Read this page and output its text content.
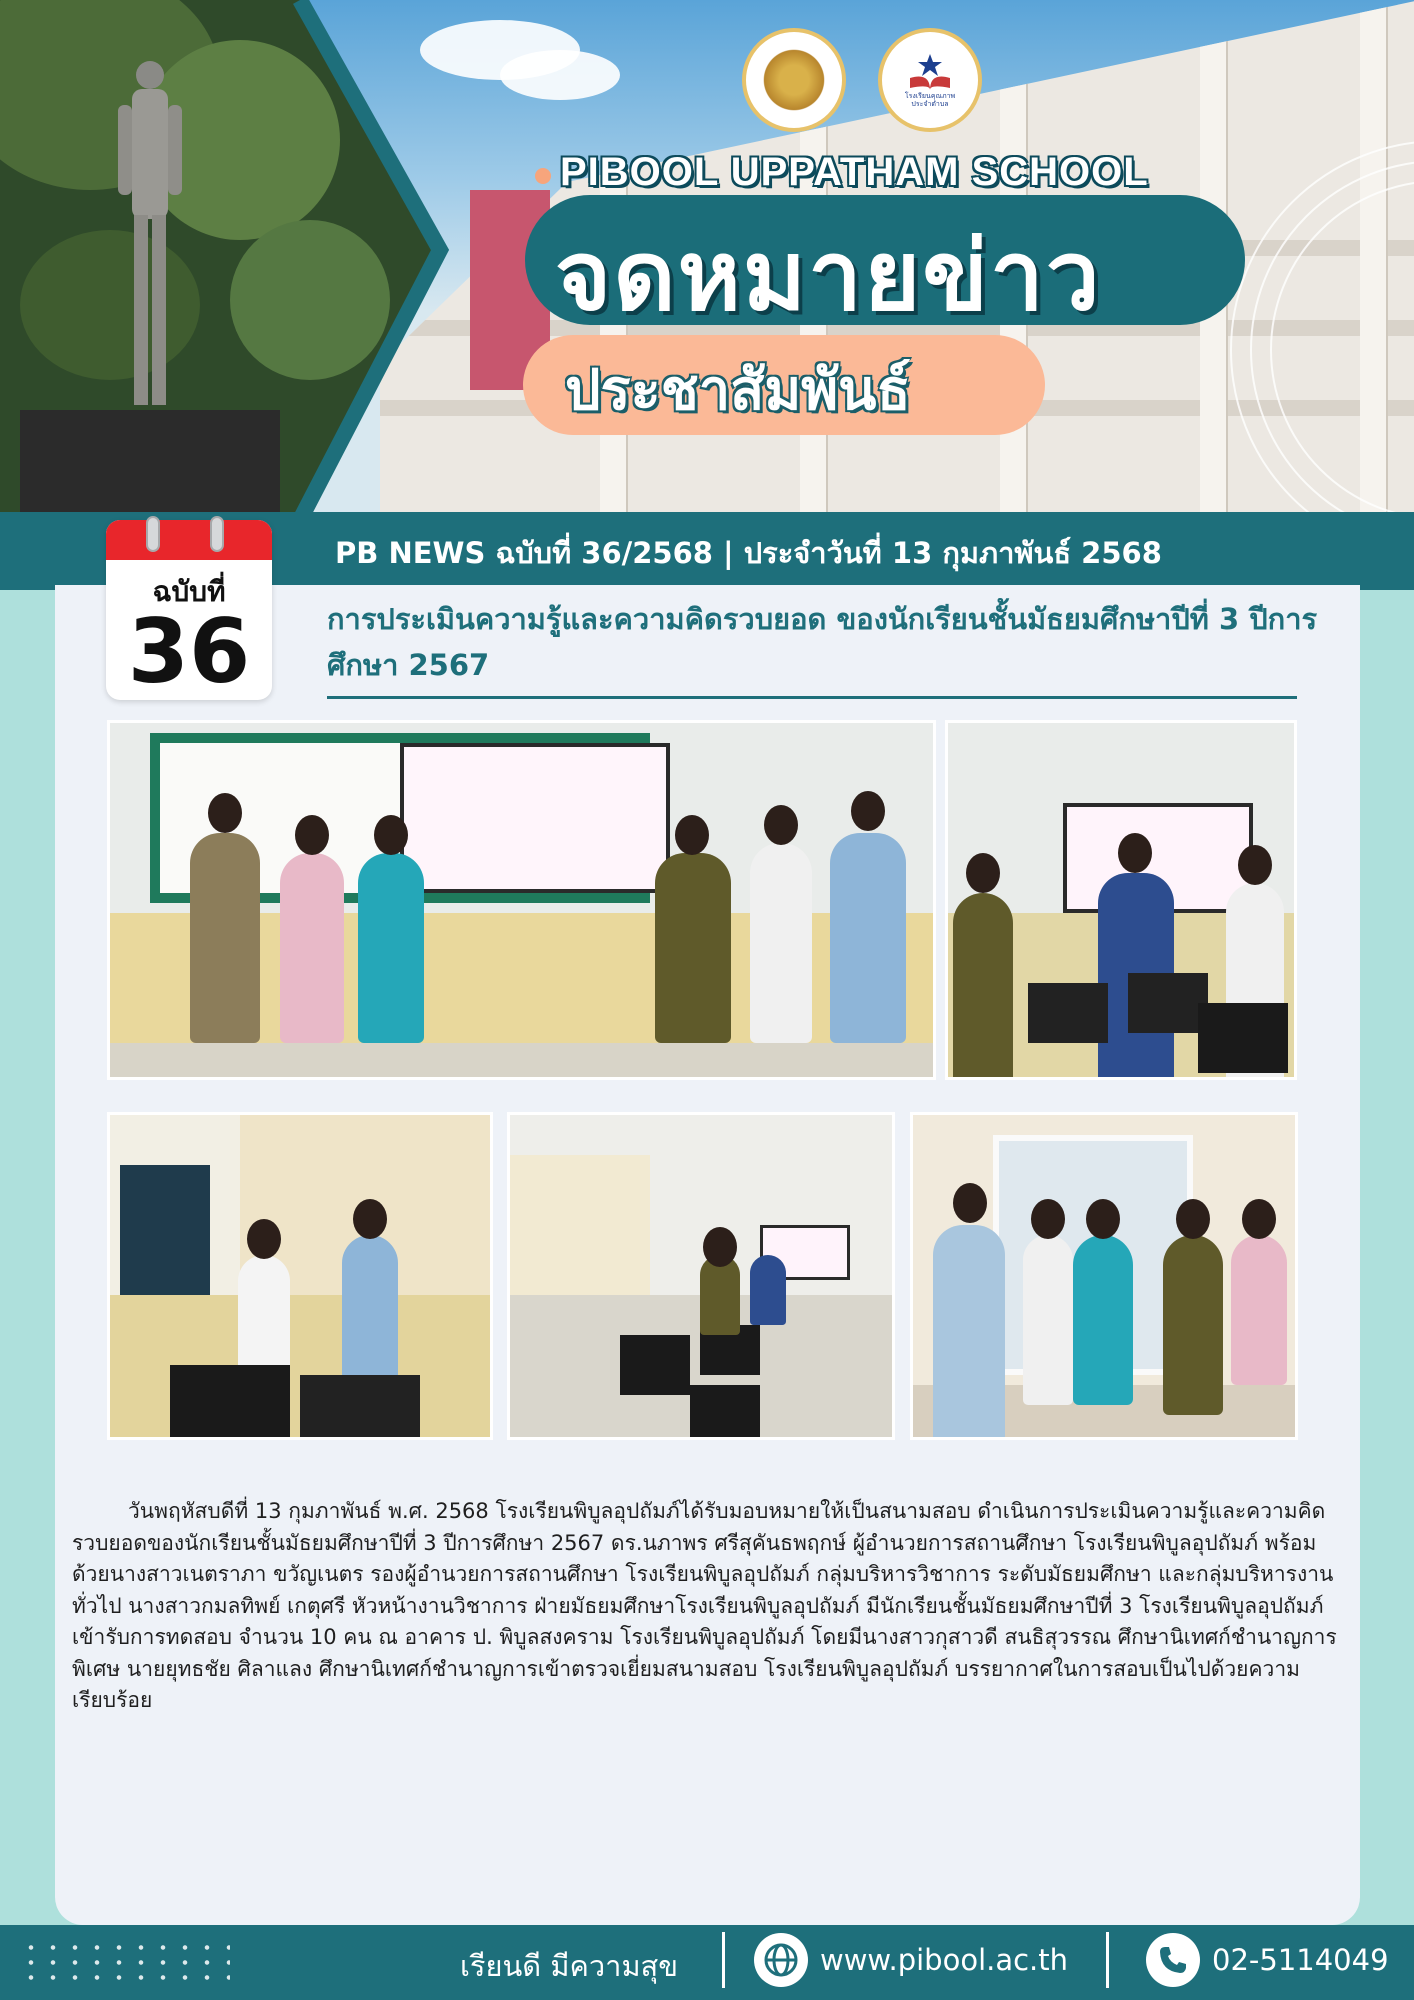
โรงเรียนคุณภาพ ประจำตำบล
PIBOOL UPPATHAM SCHOOL
จดหมายข่าว
ประชาสัมพันธ์
PB NEWS ฉบับที่ 36/2568 | ประจำวันที่ 13 กุมภาพันธ์ 2568
ฉบับที่
36	การประเมินความรู้และความคิดรวบยอด ของนักเรียนชั้นมัธยมศึกษาปีที่ 3 ปีการศึกษา 2567
วันพฤหัสบดีที่ 13 กุมภาพันธ์ พ.ศ. 2568 โรงเรียนพิบูลอุปถัมภ์ได้รับมอบหมายให้เป็นสนามสอบ ดำเนินการประเมินความรู้และความคิดรวบยอดของนักเรียนชั้นมัธยมศึกษาปีที่ 3 ปีการศึกษา 2567 ดร.นภาพร ศรีสุคันธพฤกษ์ ผู้อำนวยการสถานศึกษา โรงเรียนพิบูลอุปถัมภ์ พร้อมด้วยนางสาวเนตราภา ขวัญเนตร รองผู้อำนวยการสถานศึกษา โรงเรียนพิบูลอุปถัมภ์ กลุ่มบริหารวิชาการ ระดับมัธยมศึกษา และกลุ่มบริหารงานทั่วไป นางสาวกมลทิพย์ เกตุศรี หัวหน้างานวิชาการ ฝ่ายมัธยมศึกษาโรงเรียนพิบูลอุปถัมภ์ มีนักเรียนชั้นมัธยมศึกษาปีที่ 3 โรงเรียนพิบูลอุปถัมภ์เข้ารับการทดสอบ จำนวน 10 คน ณ อาคาร ป. พิบูลสงคราม โรงเรียนพิบูลอุปถัมภ์ โดยมีนางสาวกุสาวดี สนธิสุวรรณ ศึกษานิเทศก์ชำนาญการพิเศษ นายยุทธชัย ศิลาแลง ศึกษานิเทศก์ชำนาญการเข้าตรวจเยี่ยมสนามสอบ โรงเรียนพิบูลอุปถัมภ์ บรรยากาศในการสอบเป็นไปด้วยความเรียบร้อย
เรียนดี มีความสุข	www.pibool.ac.th	02-5114049
